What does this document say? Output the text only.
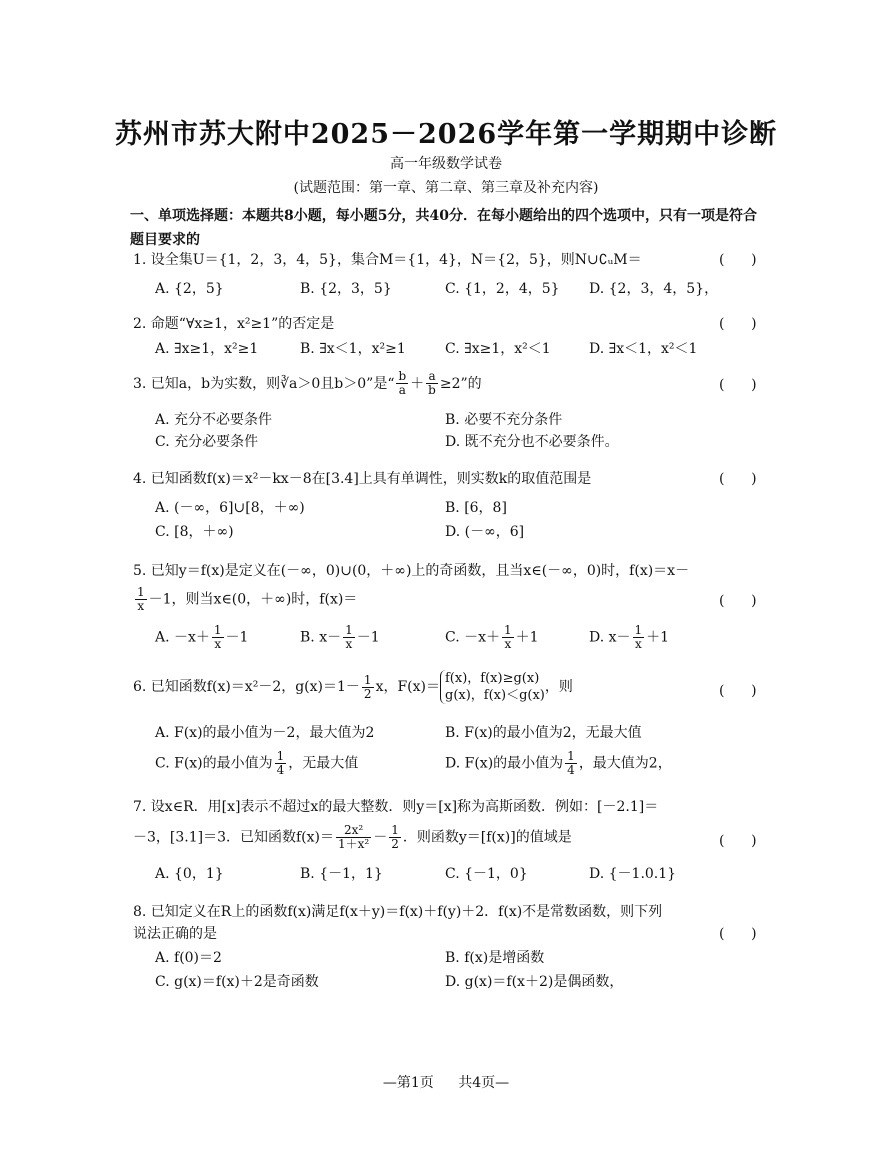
苏州市苏大附中2025－2026学年第一学期期中诊断
高一年级数学试卷
(试题范围：第一章、第二章、第三章及补充内容)
一、单项选择题：本题共8小题，每小题5分，共40分．在每小题给出的四个选项中，只有一项是符合题目要求的
1. 设全集U＝{1，2，3，4，5}，集合M＝{1，4}，N＝{2，5}，则N∪∁ᵤM＝	(      )
A. {2，5}	B. {2，3，5}	C. {1，2，4，5} D. {2，3，4，5}，
2. 命题“∀x≥1，x²≥1”的否定是	(      )
A. ∃x≥1，x²≥1	B. ∃x＜1，x²≥1	C. ∃x≥1，x²＜1	D. ∃x＜1，x²＜1
3. 已知a，b为实数，则∛a＞0且b＞0”是“ $\frac{b}{a} + \frac{a}{b} \ge 2$”的	(      )
A. 充分不必要条件	B. 必要不充分条件
C. 充分必要条件	D. 既不充分也不必要条件。
4. 已知函数f(x)＝x²－kx－8在[3.4]上具有单调性，则实数k的取值范围是	(      )
A. (－∞，6]∪[8，＋∞)	B. [6，8]
C. [8，＋∞)	D. (－∞，6]
5. 已知y＝f(x)是定义在(－∞，0)∪(0，＋∞)上的奇函数，且当x∈(－∞，0)时，f(x)＝x－
$\frac{1}{x} -1$，则当x∈(0，＋∞)时，f(x)＝	(      )
A. $-x+ \frac{1}{x} -1$	B. $x- \frac{1}{x} -1$	C. $-x+ \frac{1}{x} +1$	D. $x- \frac{1}{x} +1$
6. 已知函数f(x)＝x²－2，$g(x)=1- \frac{1}{2}$ x，F(x)＝
f(x)，f(x)≥g(x)
g(x)，f(x)＜g(x)
，则	(      )
A. F(x)的最小值为－2，最大值为2	B. F(x)的最小值为2，无最大值
C. F(x)的最小值为 $\frac{1}{4}$ ，无最大值	D. F(x)的最小值为 $\frac{1}{4}$ ，最大值为2，
7. 设x∈R．用[x]表示不超过x的最大整数．则y＝[x]称为高斯函数．例如：[－2.1]＝
－3，[3.1]＝3．已知函数$f(x)= \frac{\text{2x²}}{\text{1＋x²}} - \frac{1}{2}$ ．则函数y＝[f(x)]的值域是	(      )
A. {0，1}	B. {－1，1}	C. {－1，0}	D. {－1.0.1}
8. 已知定义在R上的函数f(x)满足f(x＋y)＝f(x)＋f(y)＋2．f(x)不是常数函数，则下列
说法正确的是	(      )
A. f(0)＝2	B. f(x)是增函数
C. g(x)＝f(x)＋2是奇函数	D. g(x)＝f(x＋2)是偶函数，
—第1页 共4页—
